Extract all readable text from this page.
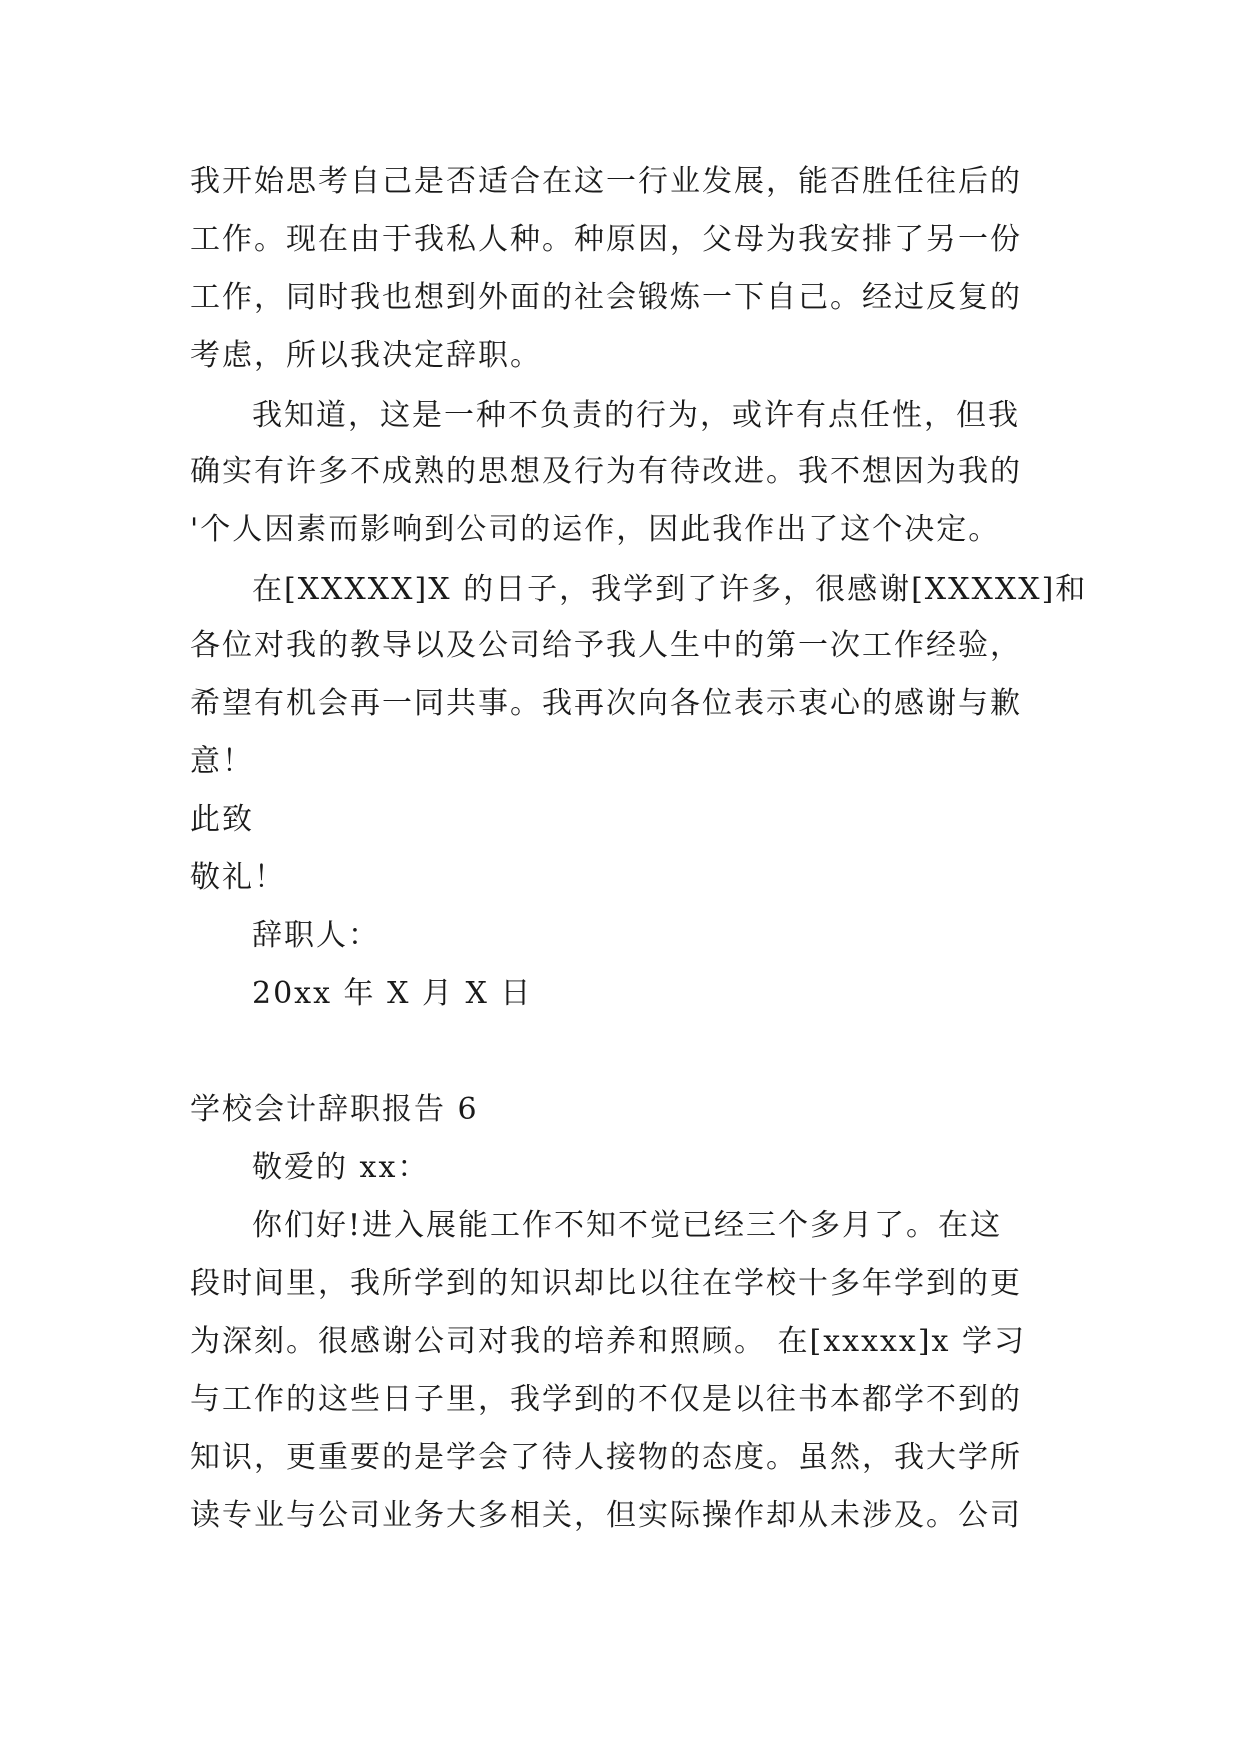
我开始思考自己是否适合在这一行业发展，能否胜任往后的
工作。现在由于我私人种。种原因，父母为我安排了另一份
工作，同时我也想到外面的社会锻炼一下自己。经过反复的
考虑，所以我决定辞职。
我知道，这是一种不负责的行为，或许有点任性，但我
确实有许多不成熟的思想及行为有待改进。我不想因为我的
'个人因素而影响到公司的运作，因此我作出了这个决定。
在[XXXXX]X 的日子，我学到了许多，很感谢[XXXXX]和
各位对我的教导以及公司给予我人生中的第一次工作经验，
希望有机会再一同共事。我再次向各位表示衷心的感谢与歉
意！
此致
敬礼！
辞职人：
20xx 年 X 月 X 日
学校会计辞职报告 6
敬爱的 xx：
你们好!进入展能工作不知不觉已经三个多月了。在这
段时间里，我所学到的知识却比以往在学校十多年学到的更
为深刻。很感谢公司对我的培养和照顾。 在[xxxxx]x 学习
与工作的这些日子里，我学到的不仅是以往书本都学不到的
知识，更重要的是学会了待人接物的态度。虽然，我大学所
读专业与公司业务大多相关，但实际操作却从未涉及。公司
